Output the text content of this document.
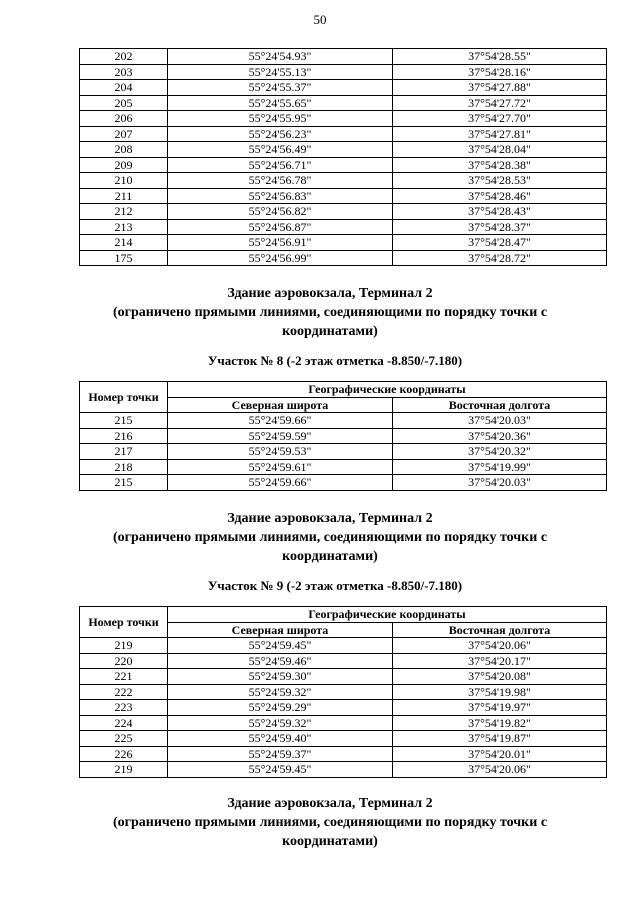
50
202	55°24'54.93"	37°54'28.55"
203	55°24'55.13"	37°54'28.16"
204	55°24'55.37"	37°54'27.88"
205	55°24'55.65"	37°54'27.72"
206	55°24'55.95"	37°54'27.70"
207	55°24'56.23"	37°54'27.81"
208	55°24'56.49"	37°54'28.04"
209	55°24'56.71"	37°54'28.38"
210	55°24'56.78"	37°54'28.53"
211	55°24'56.83"	37°54'28.46"
212	55°24'56.82"	37°54'28.43"
213	55°24'56.87"	37°54'28.37"
214	55°24'56.91"	37°54'28.47"
175	55°24'56.99"	37°54'28.72"
Здание аэровокзала, Терминал 2
(ограничено прямыми линиями, соединяющими по порядку точки с
координатами)
Участок № 8 (-2 этаж отметка -8.850/-7.180)
Номер точки	Географические координаты	
	Северная широта	Восточная долгота
215	55°24'59.66"	37°54'20.03"
216	55°24'59.59"	37°54'20.36"
217	55°24'59.53"	37°54'20.32"
218	55°24'59.61"	37°54'19.99"
215	55°24'59.66"	37°54'20.03"
Здание аэровокзала, Терминал 2
(ограничено прямыми линиями, соединяющими по порядку точки с
координатами)
Участок № 9 (-2 этаж отметка -8.850/-7.180)
Номер точки	Географические координаты	
	Северная широта	Восточная долгота
219	55°24'59.45"	37°54'20.06"
220	55°24'59.46"	37°54'20.17"
221	55°24'59.30"	37°54'20.08"
222	55°24'59.32"	37°54'19.98"
223	55°24'59.29"	37°54'19.97"
224	55°24'59.32"	37°54'19.82"
225	55°24'59.40"	37°54'19.87"
226	55°24'59.37"	37°54'20.01"
219	55°24'59.45"	37°54'20.06"
Здание аэровокзала, Терминал 2
(ограничено прямыми линиями, соединяющими по порядку точки с
координатами)
